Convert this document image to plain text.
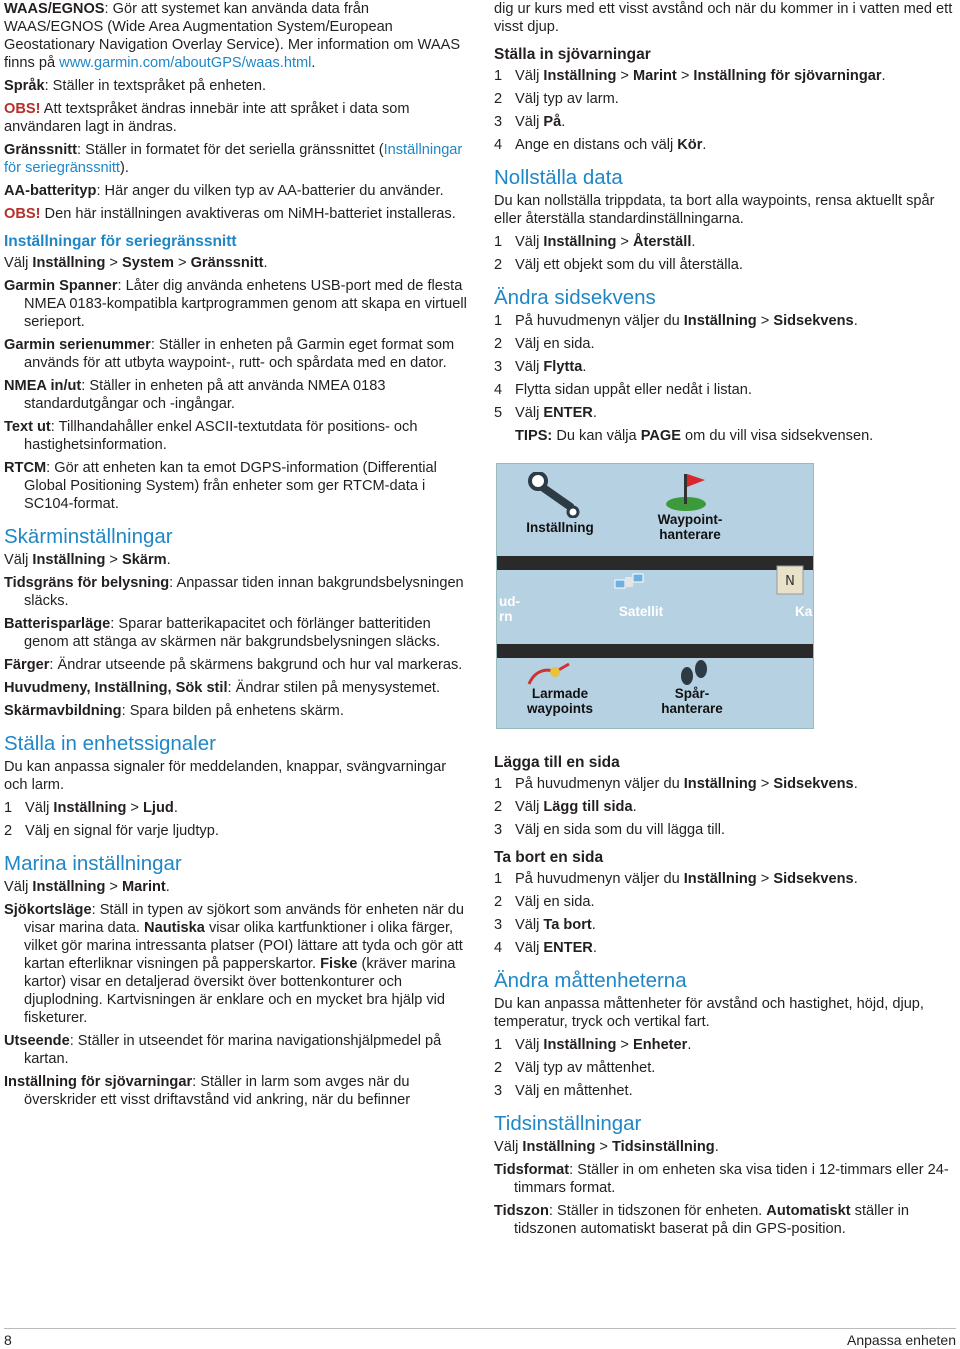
WAAS/EGNOS: Gör att systemet kan använda data från WAAS/EGNOS (Wide Area Augmentation System/European Geostationary Navigation Overlay Service). Mer information om WAAS finns på www.garmin.com/aboutGPS/waas.html.

Språk: Ställer in textspråket på enheten.

OBS! Att textspråket ändras innebär inte att språket i data som användaren lagt in ändras.

Gränssnitt: Ställer in formatet för det seriella gränssnittet (Inställningar för seriegränssnitt).

AA-batterityp: Här anger du vilken typ av AA-batterier du använder.

OBS! Den här inställningen avaktiveras om NiMH-batteriet installeras.

Inställningar för seriegränssnitt

Välj Inställning > System > Gränssnitt.

Garmin Spanner: Låter dig använda enhetens USB-port med de flesta NMEA 0183-kompatibla kartprogrammen genom att skapa en virtuell serieport.

Garmin serienummer: Ställer in enheten på Garmin eget format som används för att utbyta waypoint-, rutt- och spårdata med en dator.

NMEA in/ut: Ställer in enheten på att använda NMEA 0183 standardutgångar och -ingångar.

Text ut: Tillhandahåller enkel ASCII-textutdata för positions- och hastighetsinformation.

RTCM: Gör att enheten kan ta emot DGPS-information (Differential Global Positioning System) från enheter som ger RTCM-data i SC104-format.

Skärminställningar

Välj Inställning > Skärm.

Tidsgräns för belysning: Anpassar tiden innan bakgrundsbelysningen släcks.

Batterisparläge: Sparar batterikapacitet och förlänger batteritiden genom att stänga av skärmen när bakgrundsbelysningen släcks.

Färger: Ändrar utseende på skärmens bakgrund och hur val markeras.

Huvudmeny, Inställning, Sök stil: Ändrar stilen på menysystemet.

Skärmavbildning: Spara bilden på enhetens skärm.

Ställa in enhetssignaler

Du kan anpassa signaler för meddelanden, knappar, svängvarningar och larm.

1 Välj Inställning > Ljud.
2 Välj en signal för varje ljudtyp.
Marina inställningar

Välj Inställning > Marint.

Sjökortsläge: Ställ in typen av sjökort som används för enheten när du visar marina data. Nautiska visar olika kartfunktioner i olika färger, vilket gör marina intressanta platser (POI) lättare att tyda och gör att kartan efterliknar visningen på papperskartor. Fiske (kräver marina kartor) visar en detaljerad översikt över bottenkonturer och djuplodning. Kartvisningen är enklare och en mycket bra hjälp vid fisketurer.

Utseende: Ställer in utseendet för marina navigationshjälpmedel på kartan.

Inställning för sjövarningar: Ställer in larm som avges när du överskrider ett visst driftavstånd vid ankring, när du befinner

dig ur kurs med ett visst avstånd och när du kommer in i vatten med ett visst djup.

Ställa in sjövarningar
1 Välj Inställning > Marint > Inställning för sjövarningar.
2 Välj typ av larm.
3 Välj På.
4 Ange en distans och välj Kör.
Nollställa data

Du kan nollställa trippdata, ta bort alla waypoints, rensa aktuellt spår eller återställa standardinställningarna.

1 Välj Inställning > Återställ.
2 Välj ett objekt som du vill återställa.
Ändra sidsekvens
1 På huvudmenyn väljer du Inställning > Sidsekvens.
2 Välj en sida.
3 Välj Flytta.
4 Flytta sidan uppåt eller nedåt i listan.
5 Välj ENTER.

TIPS: Du kan välja PAGE om du vill visa sidsekvensen.

Inställning
Waypoint-
hanterare
ud-
rn	Satellit
N
Ka
Larmade
waypoints
Spår-
hanterare
Lägga till en sida
1 På huvudmenyn väljer du Inställning > Sidsekvens.
2 Välj Lägg till sida.
3 Välj en sida som du vill lägga till.
Ta bort en sida
1 På huvudmenyn väljer du Inställning > Sidsekvens.
2 Välj en sida.
3 Välj Ta bort.
4 Välj ENTER.
Ändra måttenheterna

Du kan anpassa måttenheter för avstånd och hastighet, höjd, djup, temperatur, tryck och vertikal fart.

1 Välj Inställning > Enheter.
2 Välj typ av måttenhet.
3 Välj en måttenhet.
Tidsinställningar

Välj Inställning > Tidsinställning.

Tidsformat: Ställer in om enheten ska visa tiden i 12-timmars eller 24-timmars format.

Tidszon: Ställer in tidszonen för enheten. Automatiskt ställer in tidszonen automatiskt baserat på din GPS-position.

8	Anpassa enheten
